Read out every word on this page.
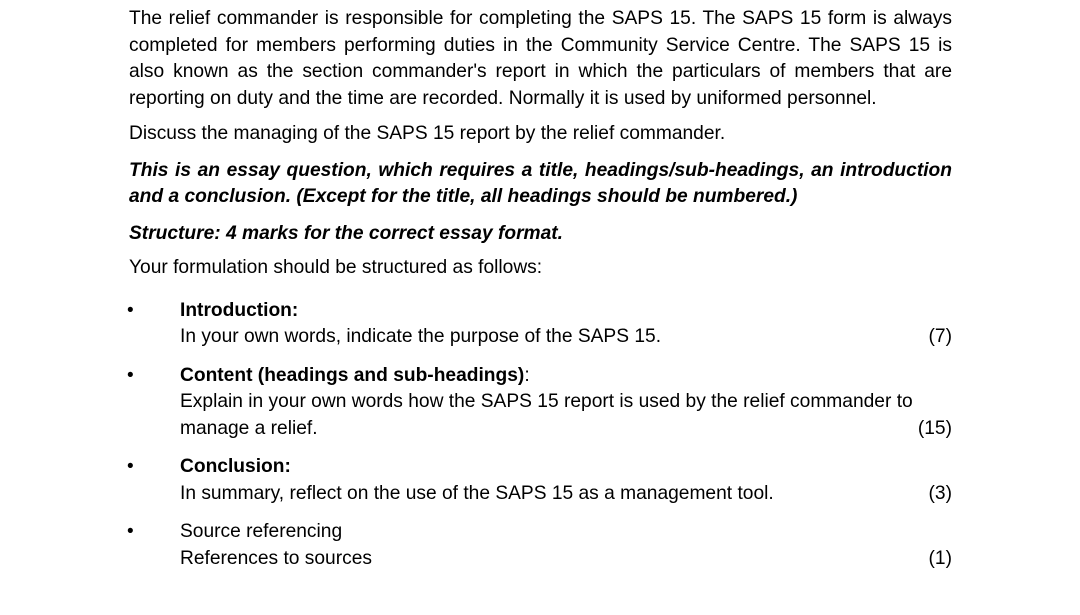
The relief commander is responsible for completing the SAPS 15. The SAPS 15 form is always completed for members performing duties in the Community Service Centre. The SAPS 15 is also known as the section commander's report in which the particulars of members that are reporting on duty and the time are recorded. Normally it is used by uniformed personnel.

Discuss the managing of the SAPS 15 report by the relief commander.

This is an essay question, which requires a title, headings/sub-headings, an introduction and a conclusion. (Except for the title, all headings should be numbered.)

Structure: 4 marks for the correct essay format.

Your formulation should be structured as follows:

•	Introduction:
In your own words, indicate the purpose of the SAPS 15.	(7)
•	Content (headings and sub-headings):
Explain in your own words how the SAPS 15 report is used by the relief commander to
manage a relief.	(15)
•	Conclusion:
In summary, reflect on the use of the SAPS 15 as a management tool.	(3)
•	Source referencing
References to sources	(1)
